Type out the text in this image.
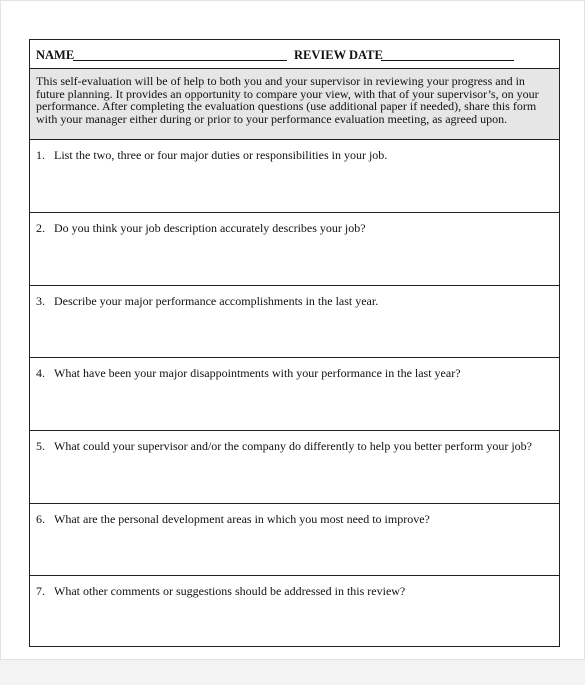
NAME	REVIEW DATE
This self-evaluation will be of help to both you and your supervisor in reviewing your progress and in future planning. It provides an opportunity to compare your view, with that of your supervisor’s, on your performance. After completing the evaluation questions (use additional paper if needed), share this form with your manager either during or prior to your performance evaluation meeting, as agreed upon.
1. List the two, three or four major duties or responsibilities in your job.
2. Do you think your job description accurately describes your job?
3. Describe your major performance accomplishments in the last year.
4. What have been your major disappointments with your performance in the last year?
5. What could your supervisor and/or the company do differently to help you better perform your job?
6. What are the personal development areas in which you most need to improve?
7. What other comments or suggestions should be addressed in this review?
